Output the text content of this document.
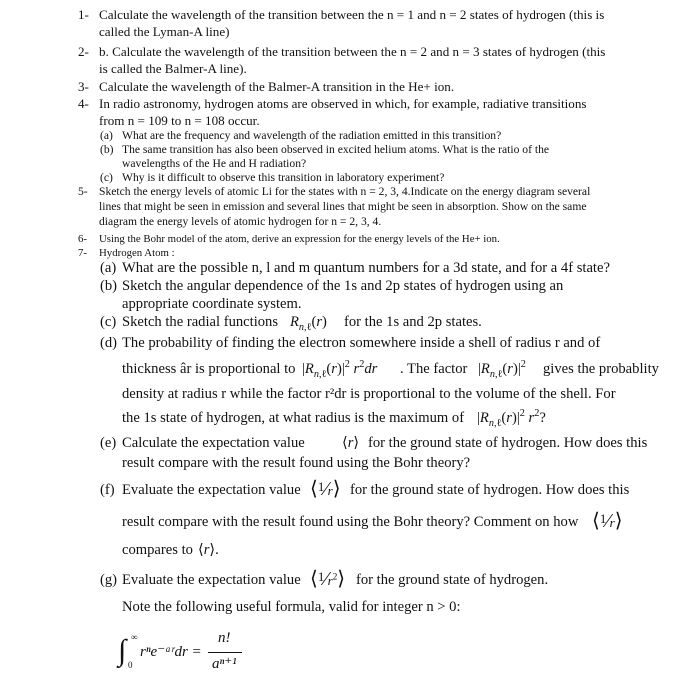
1- Calculate the wavelength of the transition between the n = 1 and n = 2 states of hydrogen (this is
called the Lyman-A line)
2- b. Calculate the wavelength of the transition between the n = 2 and n = 3 states of hydrogen (this
is called the Balmer-A line).
3- Calculate the wavelength of the Balmer-A transition in the He+ ion.
4- In radio astronomy, hydrogen atoms are observed in which, for example, radiative transitions
from n = 109 to n = 108 occur.
(a) What are the frequency and wavelength of the radiation emitted in this transition?
(b) The same transition has also been observed in excited helium atoms. What is the ratio of the
wavelengths of the He and H radiation?
(c) Why is it difficult to observe this transition in laboratory experiment?
5- Sketch the energy levels of atomic Li for the states with n = 2, 3, 4.Indicate on the energy diagram several
lines that might be seen in emission and several lines that might be seen in absorption. Show on the same
diagram the energy levels of atomic hydrogen for n = 2, 3, 4.
6- Using the Bohr model of the atom, derive an expression for the energy levels of the He+ ion.
7- Hydrogen Atom :
(a) What are the possible n, l and m quantum numbers for a 3d state, and for a 4f state?
(b) Sketch the angular dependence of the 1s and 2p states of hydrogen using an
appropriate coordinate system.
(c) Sketch the radial functions $R_{n,\ell}(r)$ for the 1s and 2p states.
(d) The probability of finding the electron somewhere inside a shell of radius r and of
thickness âr is proportional to $|R_{n,\ell}(r)|^2$ $r^2dr$ . The factor $|R_{n,\ell}(r)|^2$ gives the probablity
density at radius r while the factor r²dr is proportional to the volume of the shell. For
the 1s state of hydrogen, at what radius is the maximum of $|R_{n,\ell}(r)|^2$ $r^2$?
(e) Calculate the expectation value	⟨r⟩ for the ground state of hydrogen. How does this
result compare with the result found using the Bohr theory?
(f) Evaluate the expectation value ⟨$^1$⁄r⟩ for the ground state of hydrogen. How does this
result compare with the result found using the Bohr theory? Comment on how ⟨$^1$⁄r⟩
compares to ⟨r⟩.
(g) Evaluate the expectation value $⟨^1⁄r^2⟩$ for the ground state of hydrogen.
Note the following useful formula, valid for integer n > 0:
∫ ∞
0
rⁿe⁻ᵃʳdr =
n!
aⁿ⁺¹
